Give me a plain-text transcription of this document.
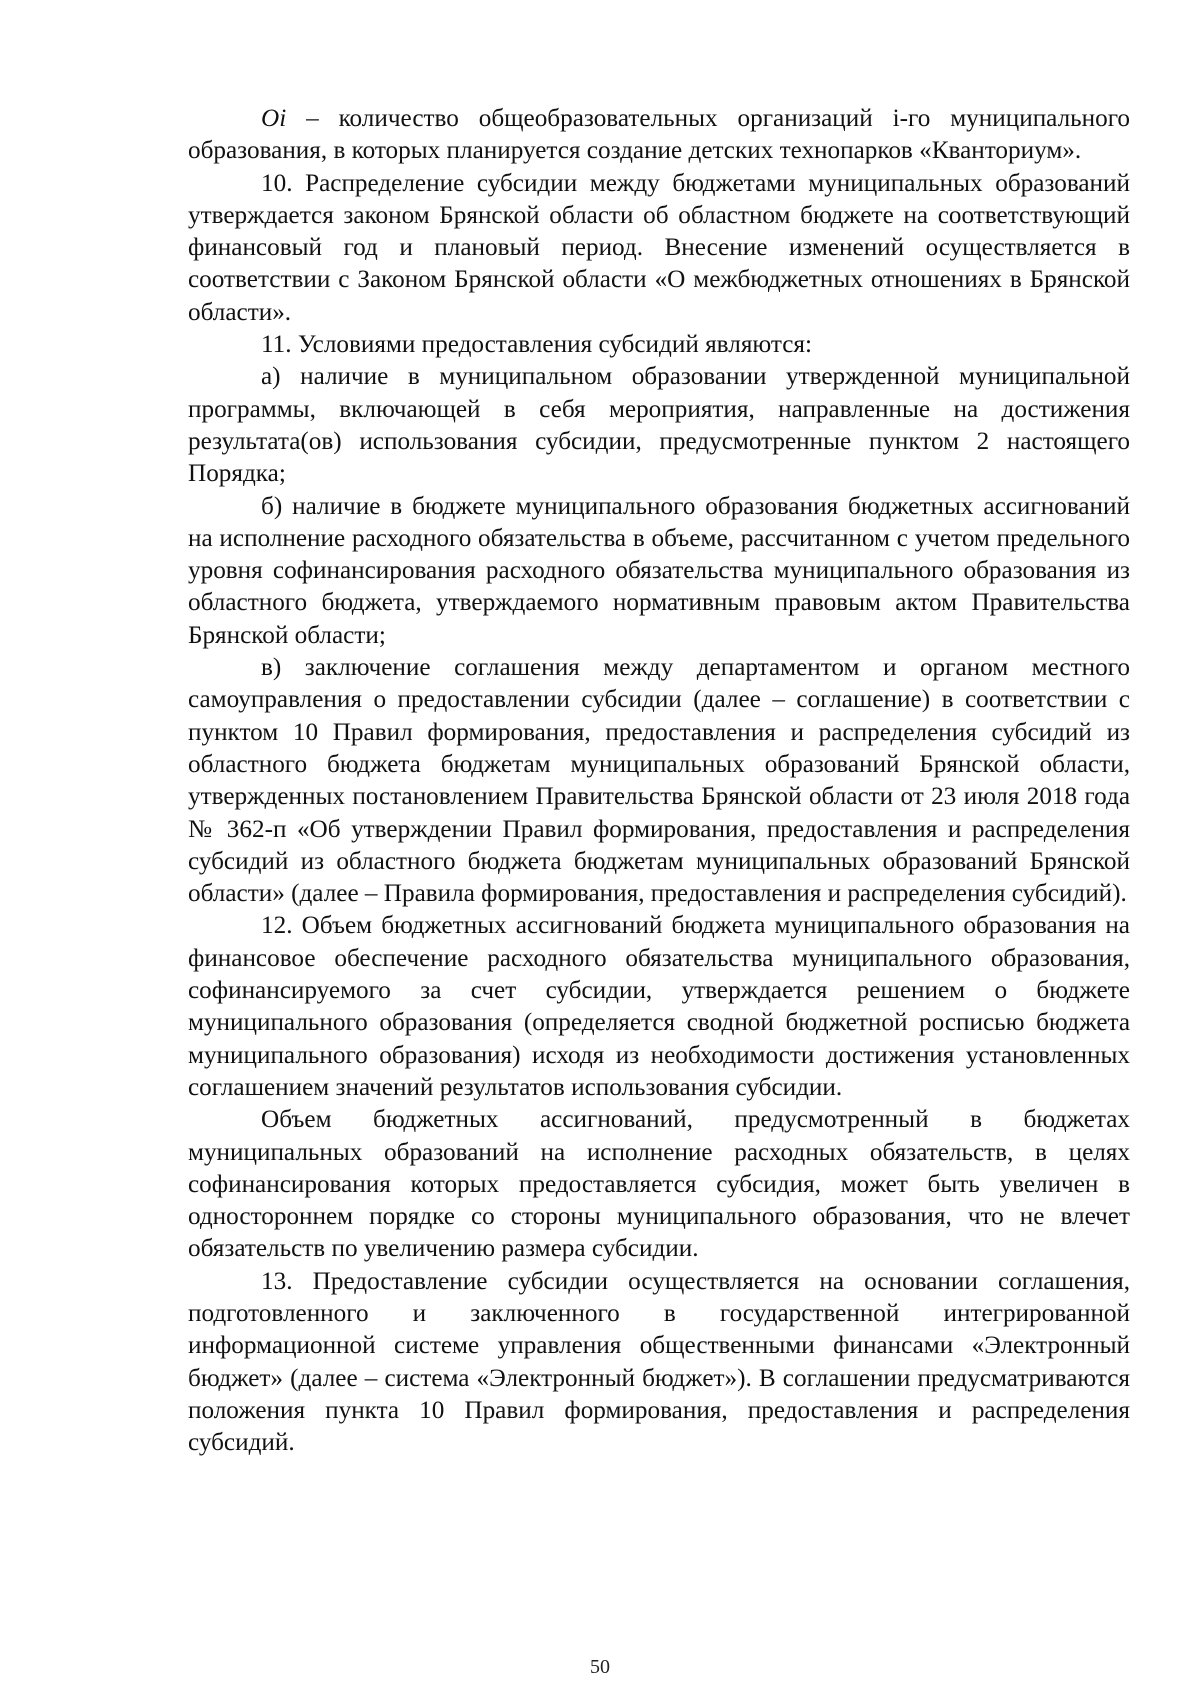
Oi – количество общеобразовательных организаций i-го муниципального образования, в которых планируется создание детских технопарков «Кванториум».

10. Распределение субсидии между бюджетами муниципальных образований утверждается законом Брянской области об областном бюджете на соответствующий финансовый год и плановый период. Внесение изменений осуществляется в соответствии с Законом Брянской области «О межбюджетных отношениях в Брянской области».

11. Условиями предоставления субсидий являются:

а) наличие в муниципальном образовании утвержденной муниципальной программы, включающей в себя мероприятия, направленные на достижения результата(ов) использования субсидии, предусмотренные пунктом 2 настоящего Порядка;

б) наличие в бюджете муниципального образования бюджетных ассигнований на исполнение расходного обязательства в объеме, рассчитанном с учетом предельного уровня софинансирования расходного обязательства муниципального образования из областного бюджета, утверждаемого нормативным правовым актом Правительства Брянской области;

в) заключение соглашения между департаментом и органом местного самоуправления о предоставлении субсидии (далее – соглашение) в соответствии с пунктом 10 Правил формирования, предоставления и распределения субсидий из областного бюджета бюджетам муниципальных образований Брянской области, утвержденных постановлением Правительства Брянской области от 23 июля 2018 года № 362-п «Об утверждении Правил формирования, предоставления и распределения субсидий из областного бюджета бюджетам муниципальных образований Брянской области» (далее – Правила формирования, предоставления и распределения субсидий).

12. Объем бюджетных ассигнований бюджета муниципального образования на финансовое обеспечение расходного обязательства муниципального образования, софинансируемого за счет субсидии, утверждается решением о бюджете муниципального образования (определяется сводной бюджетной росписью бюджета муниципального образования) исходя из необходимости достижения установленных соглашением значений результатов использования субсидии.

Объем бюджетных ассигнований, предусмотренный в бюджетах муниципальных образований на исполнение расходных обязательств, в целях софинансирования которых предоставляется субсидия, может быть увеличен в одностороннем порядке со стороны муниципального образования, что не влечет обязательств по увеличению размера субсидии.

13. Предоставление субсидии осуществляется на основании соглашения, подготовленного и заключенного в государственной интегрированной информационной системе управления общественными финансами «Электронный бюджет» (далее – система «Электронный бюджет»). В соглашении предусматриваются положения пункта 10 Правил формирования, предоставления и распределения субсидий.

50
